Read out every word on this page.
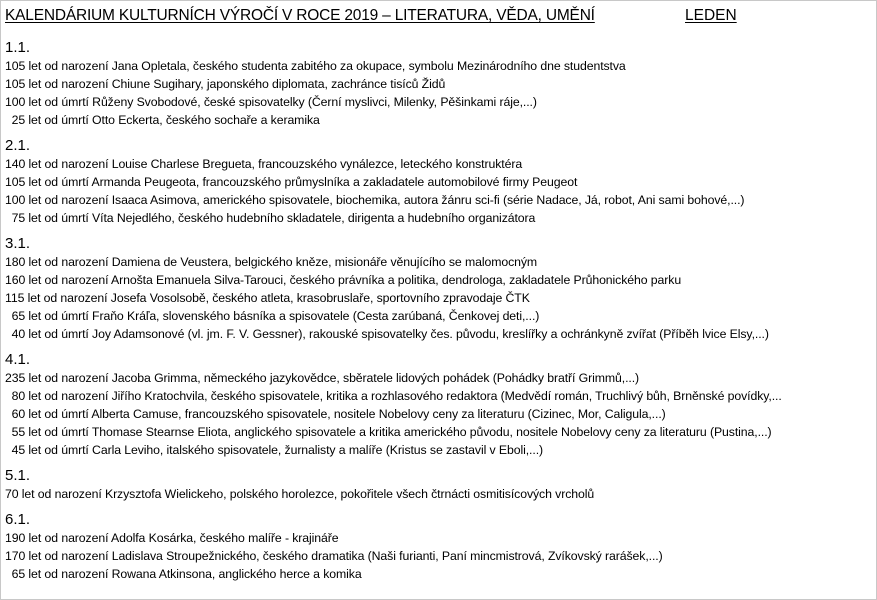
KALENDÁRIUM KULTURNÍCH VÝROČÍ V ROCE 2019 – LITERATURA, VĚDA, UMĚNÍ	LEDEN
1.1.
105 let od narození Jana Opletala, českého studenta zabitého za okupace, symbolu Mezinárodního dne studentstva
105 let od narození Chiune Sugihary, japonského diplomata, zachránce tisíců Židů
100 let od úmrtí Růženy Svobodové, české spisovatelky (Černí myslivci, Milenky, Pěšinkami ráje,...)
25 let od úmrtí Otto Eckerta, českého sochaře a keramika
2.1.
140 let od narození Louise Charlese Bregueta, francouzského vynálezce, leteckého konstruktéra
105 let od úmrtí Armanda Peugeota, francouzského průmyslníka a zakladatele automobilové firmy Peugeot
100 let od narození Isaaca Asimova, amerického spisovatele, biochemika, autora žánru sci-fi (série Nadace, Já, robot, Ani sami bohové,...)
75 let od úmrtí Víta Nejedlého, českého hudebního skladatele, dirigenta a hudebního organizátora
3.1.
180 let od narození Damiena de Veustera, belgického kněze, misionáře věnujícího se malomocným
160 let od narození Arnošta Emanuela Silva-Tarouci, českého právníka a politika, dendrologa, zakladatele Průhonického parku
115 let od narození Josefa Vosolsobě, českého atleta, krasobruslaře, sportovního zpravodaje ČTK
65 let od úmrtí Fraňo Kráľa, slovenského básníka a spisovatele (Cesta zarúbaná, Čenkovej deti,...)
40 let od úmrtí Joy Adamsonové (vl. jm. F. V. Gessner), rakouské spisovatelky čes. původu, kreslířky a ochránkyně zvířat (Příběh lvice Elsy,...)
4.1.
235 let od narození Jacoba Grimma, německého jazykovědce, sběratele lidových pohádek (Pohádky bratří Grimmů,...)
80 let od narození Jiřího Kratochvila, českého spisovatele, kritika a rozhlasového redaktora (Medvědí román, Truchlivý bůh, Brněnské povídky,...
60 let od úmrtí Alberta Camuse, francouzského spisovatele, nositele Nobelovy ceny za literaturu (Cizinec, Mor, Caligula,...)
55 let od úmrtí Thomase Stearnse Eliota, anglického spisovatele a kritika amerického původu, nositele Nobelovy ceny za literaturu (Pustina,...)
45 let od úmrtí Carla Leviho, italského spisovatele, žurnalisty a malíře (Kristus se zastavil v Eboli,...)
5.1.
70 let od narození Krzysztofa Wielickeho, polského horolezce, pokořitele všech čtrnácti osmitisícových vrcholů
6.1.
190 let od narození Adolfa Kosárka, českého malíře - krajináře
170 let od narození Ladislava Stroupežnického, českého dramatika (Naši furianti, Paní mincmistrová, Zvíkovský rarášek,...)
65 let od narození Rowana Atkinsona, anglického herce a komika
